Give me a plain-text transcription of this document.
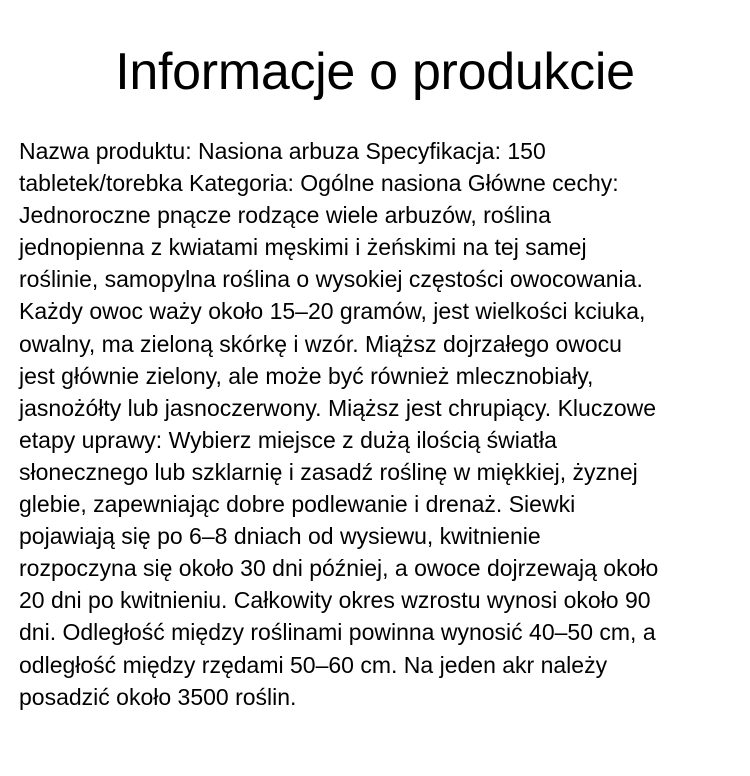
Informacje o produkcie
Nazwa produktu: Nasiona arbuza Specyfikacja: 150
tabletek/torebka Kategoria: Ogólne nasiona Główne cechy:
Jednoroczne pnącze rodzące wiele arbuzów, roślina
jednopienna z kwiatami męskimi i żeńskimi na tej samej
roślinie, samopylna roślina o wysokiej częstości owocowania.
Każdy owoc waży około 15–20 gramów, jest wielkości kciuka,
owalny, ma zieloną skórkę i wzór. Miąższ dojrzałego owocu
jest głównie zielony, ale może być również mlecznobiały,
jasnożółty lub jasnoczerwony. Miąższ jest chrupiący. Kluczowe
etapy uprawy: Wybierz miejsce z dużą ilością światła
słonecznego lub szklarnię i zasadź roślinę w miękkiej, żyznej
glebie, zapewniając dobre podlewanie i drenaż. Siewki
pojawiają się po 6–8 dniach od wysiewu, kwitnienie
rozpoczyna się około 30 dni później, a owoce dojrzewają około
20 dni po kwitnieniu. Całkowity okres wzrostu wynosi około 90
dni. Odległość między roślinami powinna wynosić 40–50 cm, a
odległość między rzędami 50–60 cm. Na jeden akr należy
posadzić około 3500 roślin.
